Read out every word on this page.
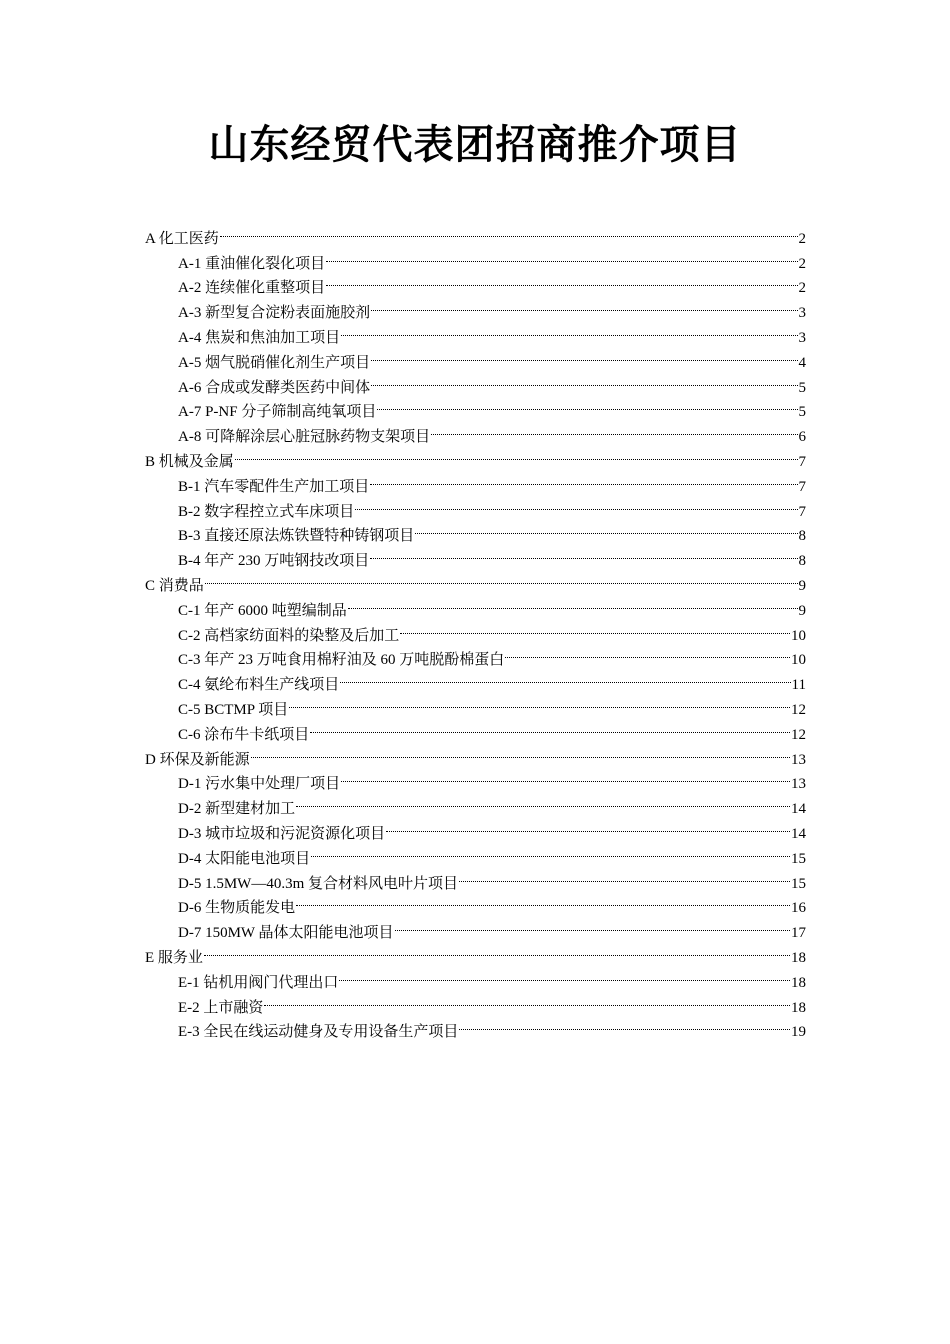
山东经贸代表团招商推介项目
A 化工医药	2
A-1 重油催化裂化项目	2
A-2 连续催化重整项目	2
A-3 新型复合淀粉表面施胶剂	3
A-4 焦炭和焦油加工项目	3
A-5 烟气脱硝催化剂生产项目	4
A-6 合成或发酵类医药中间体	5
A-7 P-NF 分子筛制高纯氧项目	5
A-8 可降解涂层心脏冠脉药物支架项目	6
B 机械及金属	7
B-1 汽车零配件生产加工项目	7
B-2 数字程控立式车床项目	7
B-3 直接还原法炼铁暨特种铸钢项目	8
B-4 年产 230 万吨钢技改项目	8
C 消费品	9
C-1 年产 6000 吨塑编制品	9
C-2 高档家纺面料的染整及后加工	10
C-3 年产 23 万吨食用棉籽油及 60 万吨脱酚棉蛋白	10
C-4 氨纶布料生产线项目	11
C-5 BCTMP 项目	12
C-6 涂布牛卡纸项目	12
D 环保及新能源	13
D-1 污水集中处理厂项目	13
D-2 新型建材加工	14
D-3 城市垃圾和污泥资源化项目	14
D-4 太阳能电池项目	15
D-5 1.5MW—40.3m 复合材料风电叶片项目	15
D-6 生物质能发电	16
D-7 150MW 晶体太阳能电池项目	17
E 服务业	18
E-1 钻机用阀门代理出口	18
E-2 上市融资	18
E-3 全民在线运动健身及专用设备生产项目	19
